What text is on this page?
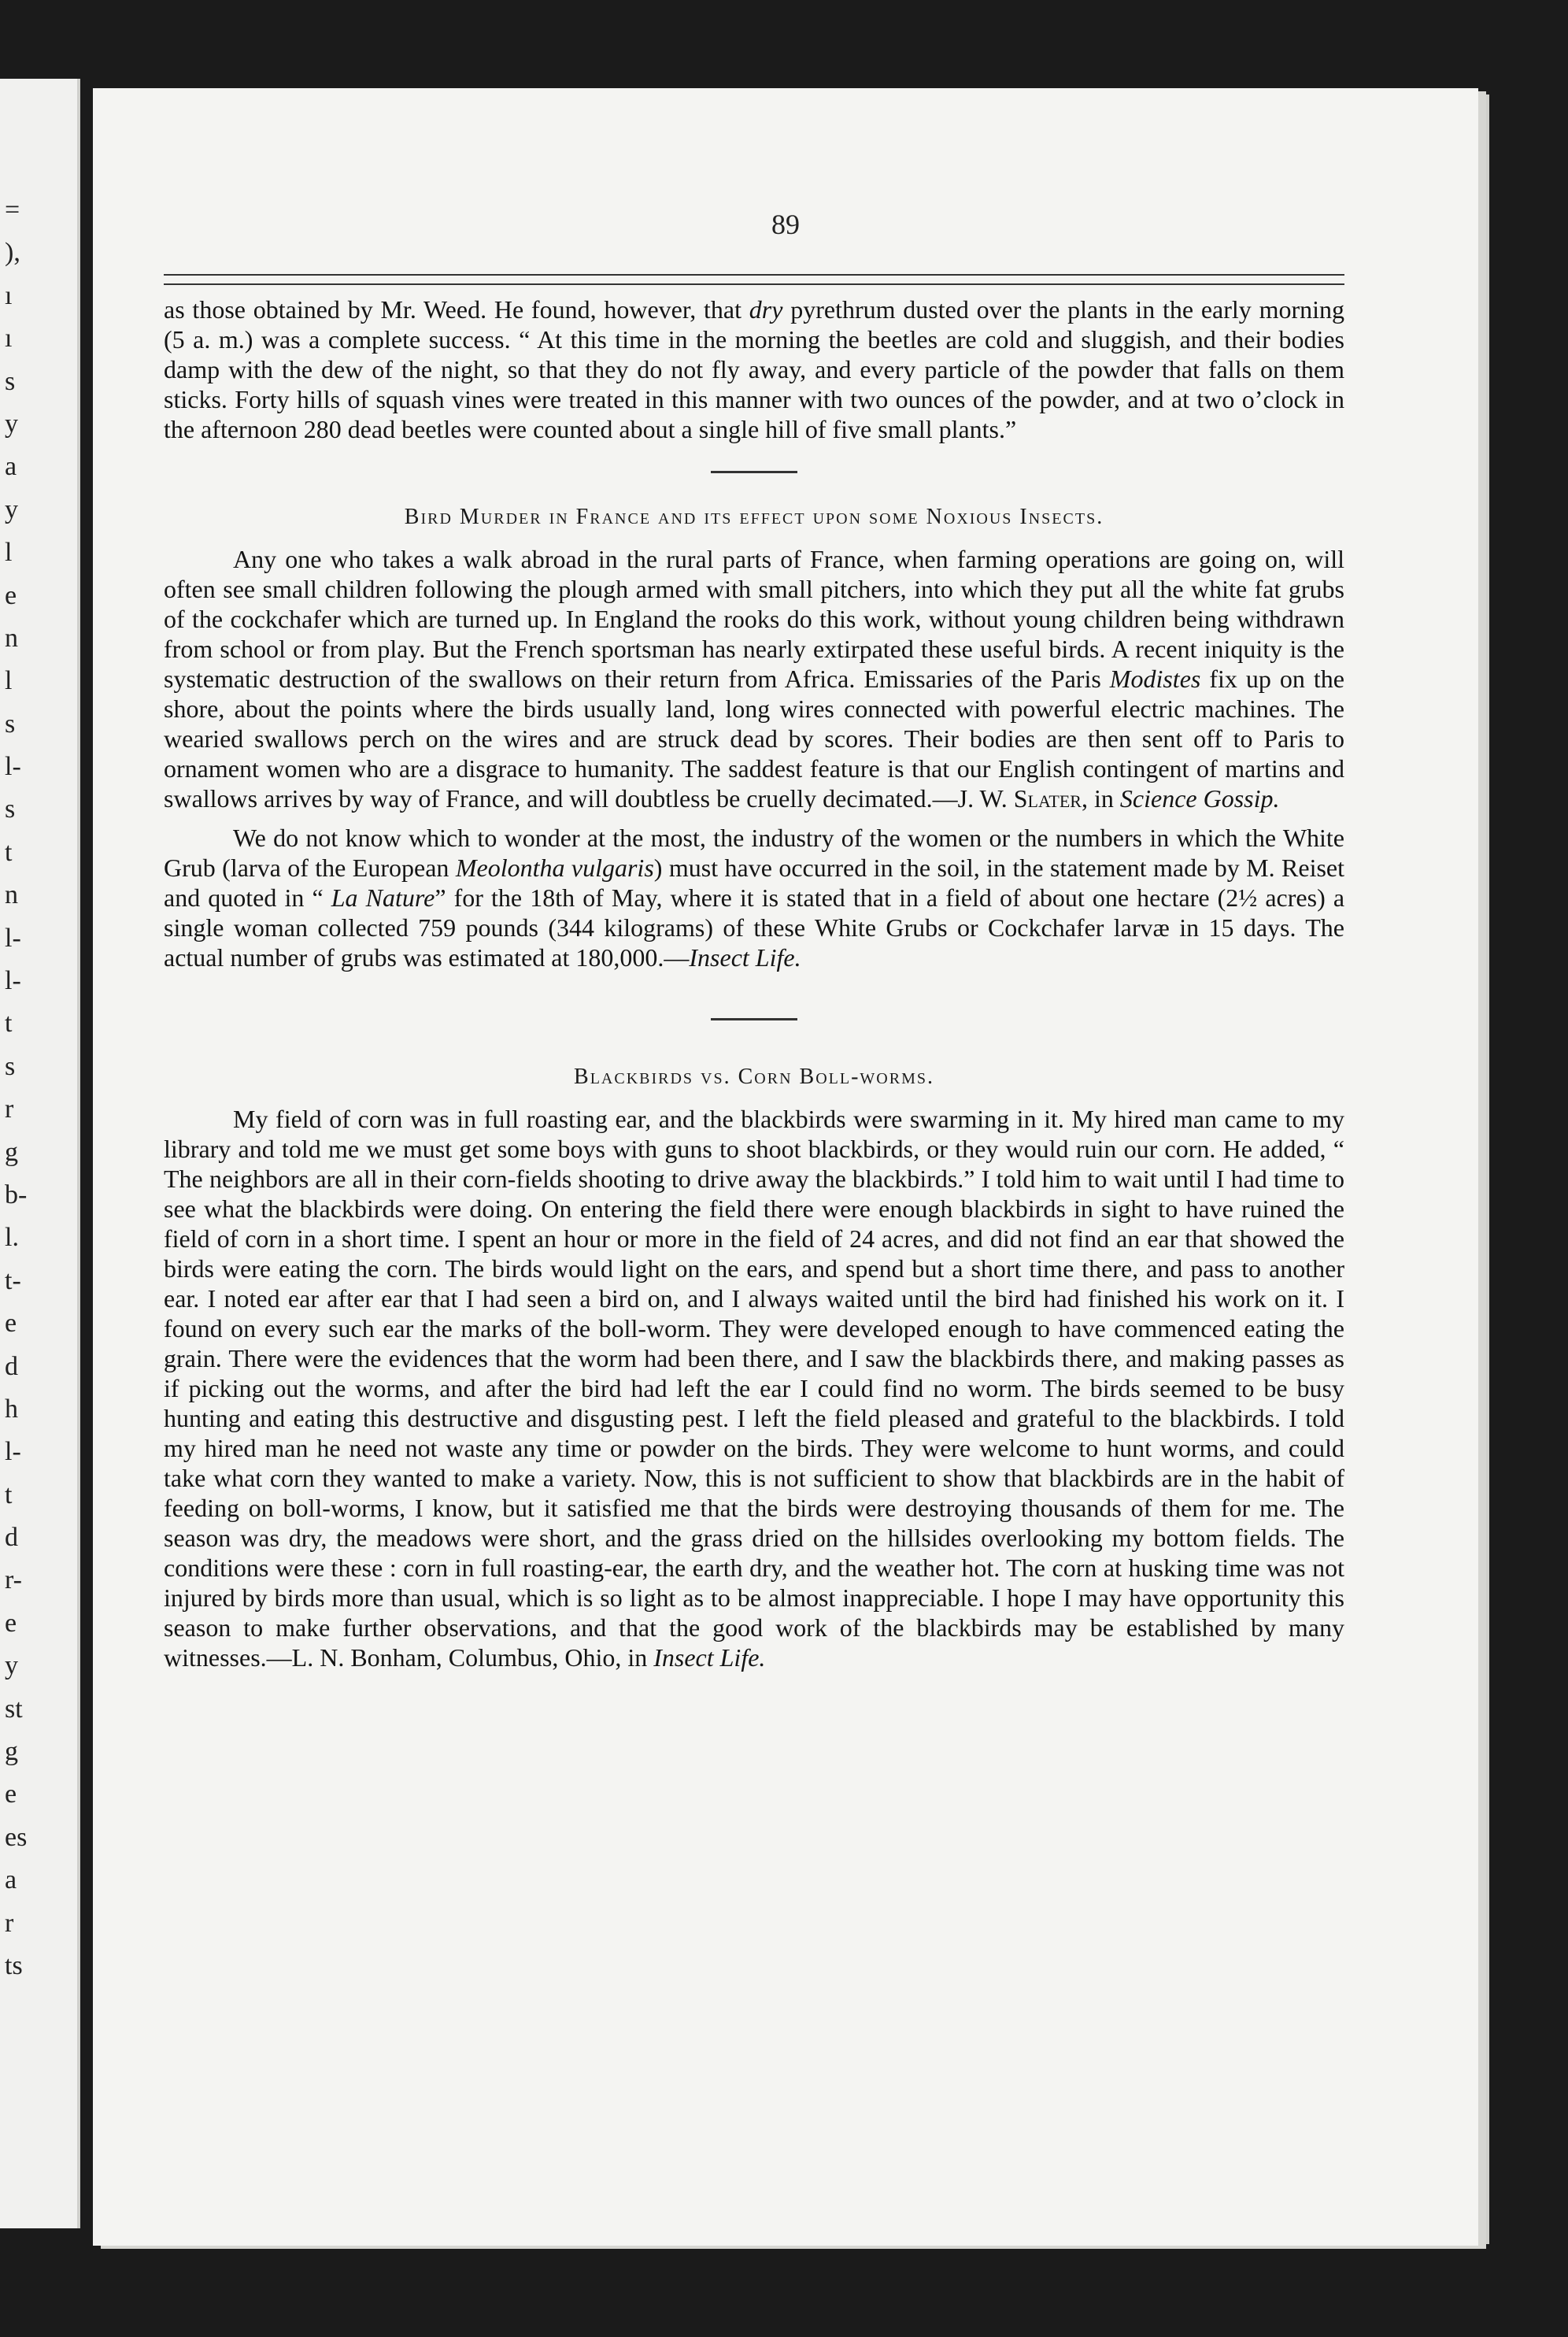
=
),
ı
ı
s
y
a
y
l
e
n
l
s
l-
s
t
n
l-
l-
t
s
r
g
b-
l.
t-
e
d
h
l-
t
d
r-
e
y
st
g
e
es
a
r
ts
89

as those obtained by Mr. Weed. He found, however, that dry pyrethrum dusted over the plants in the early morning (5 a. m.) was a complete success. “ At this time in the morning the beetles are cold and sluggish, and their bodies damp with the dew of the night, so that they do not fly away, and every particle of the powder that falls on them sticks. Forty hills of squash vines were treated in this manner with two ounces of the powder, and at two o’clock in the afternoon 280 dead beetles were counted about a single hill of five small plants.”

Bird Murder in France and its effect upon some Noxious Insects.

Any one who takes a walk abroad in the rural parts of France, when farming operations are going on, will often see small children following the plough armed with small pitchers, into which they put all the white fat grubs of the cockchafer which are turned up. In England the rooks do this work, without young children being withdrawn from school or from play. But the French sportsman has nearly extirpated these useful birds. A recent iniquity is the systematic destruction of the swallows on their return from Africa. Emissaries of the Paris Modistes fix up on the shore, about the points where the birds usually land, long wires connected with powerful electric machines. The wearied swallows perch on the wires and are struck dead by scores. Their bodies are then sent off to Paris to ornament women who are a disgrace to humanity. The saddest feature is that our English contingent of martins and swallows arrives by way of France, and will doubtless be cruelly decimated.—J. W. Slater, in Science Gossip.

We do not know which to wonder at the most, the industry of the women or the numbers in which the White Grub (larva of the European Meolontha vulgaris) must have occurred in the soil, in the statement made by M. Reiset and quoted in “ La Nature” for the 18th of May, where it is stated that in a field of about one hectare (2½ acres) a single woman collected 759 pounds (344 kilograms) of these White Grubs or Cockchafer larvæ in 15 days. The actual number of grubs was estimated at 180,000.—Insect Life.

Blackbirds vs. Corn Boll-worms.

My field of corn was in full roasting ear, and the blackbirds were swarming in it. My hired man came to my library and told me we must get some boys with guns to shoot blackbirds, or they would ruin our corn. He added, “ The neighbors are all in their corn-fields shooting to drive away the blackbirds.” I told him to wait until I had time to see what the blackbirds were doing. On entering the field there were enough blackbirds in sight to have ruined the field of corn in a short time. I spent an hour or more in the field of 24 acres, and did not find an ear that showed the birds were eating the corn. The birds would light on the ears, and spend but a short time there, and pass to another ear. I noted ear after ear that I had seen a bird on, and I always waited until the bird had finished his work on it. I found on every such ear the marks of the boll-worm. They were developed enough to have commenced eating the grain. There were the evidences that the worm had been there, and I saw the blackbirds there, and making passes as if picking out the worms, and after the bird had left the ear I could find no worm. The birds seemed to be busy hunting and eating this destructive and disgusting pest. I left the field pleased and grateful to the blackbirds. I told my hired man he need not waste any time or powder on the birds. They were welcome to hunt worms, and could take what corn they wanted to make a variety. Now, this is not sufficient to show that blackbirds are in the habit of feeding on boll-worms, I know, but it satisfied me that the birds were destroying thousands of them for me. The season was dry, the meadows were short, and the grass dried on the hillsides overlooking my bottom fields. The conditions were these : corn in full roasting-ear, the earth dry, and the weather hot. The corn at husking time was not injured by birds more than usual, which is so light as to be almost inappreciable. I hope I may have opportunity this season to make further observations, and that the good work of the blackbirds may be established by many witnesses.—L. N. Bonham, Columbus, Ohio, in Insect Life.
